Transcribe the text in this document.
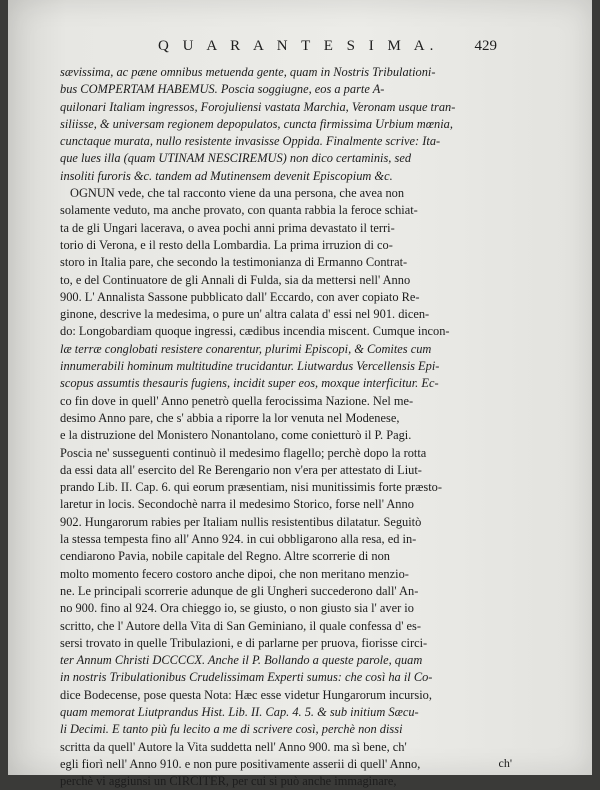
Q U A R A N T E S I M A. 429
sævissima, ac pæne omnibus metuenda gente, quam in Nostris Tribulationi-
bus COMPERTAM HABEMUS. Poscia soggiugne, eos a parte A-
quilonari Italiam ingressos, Forojuliensi vastata Marchia, Veronam usque tran-
siliisse, & universam regionem depopulatos, cuncta firmissima Urbium mœnia,
cunctaque murata, nullo resistente invasisse Oppida. Finalmente scrive: Ita-
que lues illa (quam UTINAM NESCIREMUS) non dico certaminis, sed
insoliti furoris &c. tandem ad Mutinensem devenit Episcopium &c.
OGNUN vede, che tal racconto viene da una persona, che avea non
solamente veduto, ma anche provato, con quanta rabbia la feroce schiat-
ta de gli Ungari lacerava, o avea pochi anni prima devastato il terri-
torio di Verona, e il resto della Lombardia. La prima irruzion di co-
storo in Italia pare, che secondo la testimonianza di Ermanno Contrat-
to, e del Continuatore de gli Annali di Fulda, sia da mettersi nell' Anno
900. L' Annalista Sassone pubblicato dall' Eccardo, con aver copiato Re-
ginone, descrive la medesima, o pure un' altra calata d' essi nel 901. dicen-
do: Longobardiam quoque ingressi, cædibus incendia miscent. Cumque incon-
læ terræ conglobati resistere conarentur, plurimi Episcopi, & Comites cum
innumerabili hominum multitudine trucidantur. Liutwardus Vercellensis Epi-
scopus assumtis thesauris fugiens, incidit super eos, moxque interficitur. Ec-
co fin dove in quell' Anno penetrò quella ferocissima Nazione. Nel me-
desimo Anno pare, che s' abbia a riporre la lor venuta nel Modenese,
e la distruzione del Monistero Nonantolano, come conietturò il P. Pagi.
Poscia ne' susseguenti continuò il medesimo flagello; perchè dopo la rotta
da essi data all' esercito del Re Berengario non v'era per attestato di Liut-
prando Lib. II. Cap. 6. qui eorum præsentiam, nisi munitissimis forte præsto-
laretur in locis. Secondochè narra il medesimo Storico, forse nell' Anno
902. Hungarorum rabies per Italiam nullis resistentibus dilatatur. Seguitò
la stessa tempesta fino all' Anno 924. in cui obbligarono alla resa, ed in-
cendiarono Pavia, nobile capitale del Regno. Altre scorrerie di non
molto momento fecero costoro anche dipoi, che non meritano menzio-
ne. Le principali scorrerie adunque de gli Ungheri succederono dall' An-
no 900. fino al 924. Ora chieggo io, se giusto, o non giusto sia l' aver io
scritto, che l' Autore della Vita di San Geminiano, il quale confessa d' es-
sersi trovato in quelle Tribulazioni, e di parlarne per pruova, fiorisse circi-
ter Annum Christi DCCCCX. Anche il P. Bollando a queste parole, quam
in nostris Tribulationibus Crudelissimam Experti sumus: che così ha il Co-
dice Bodecense, pose questa Nota: Hæc esse videtur Hungarorum incursio,
quam memorat Liutprandus Hist. Lib. II. Cap. 4. 5. & sub initium Sæcu-
li Decimi. E tanto più fu lecito a me di scrivere così, perchè non dissi
scritta da quell' Autore la Vita suddetta nell' Anno 900. ma sì bene, ch'
egli fiorì nell' Anno 910. e non pure positivamente asserii di quell' Anno,
perchè vi aggiunsi un CIRCITER, per cui si può anche immaginare,
ch'
